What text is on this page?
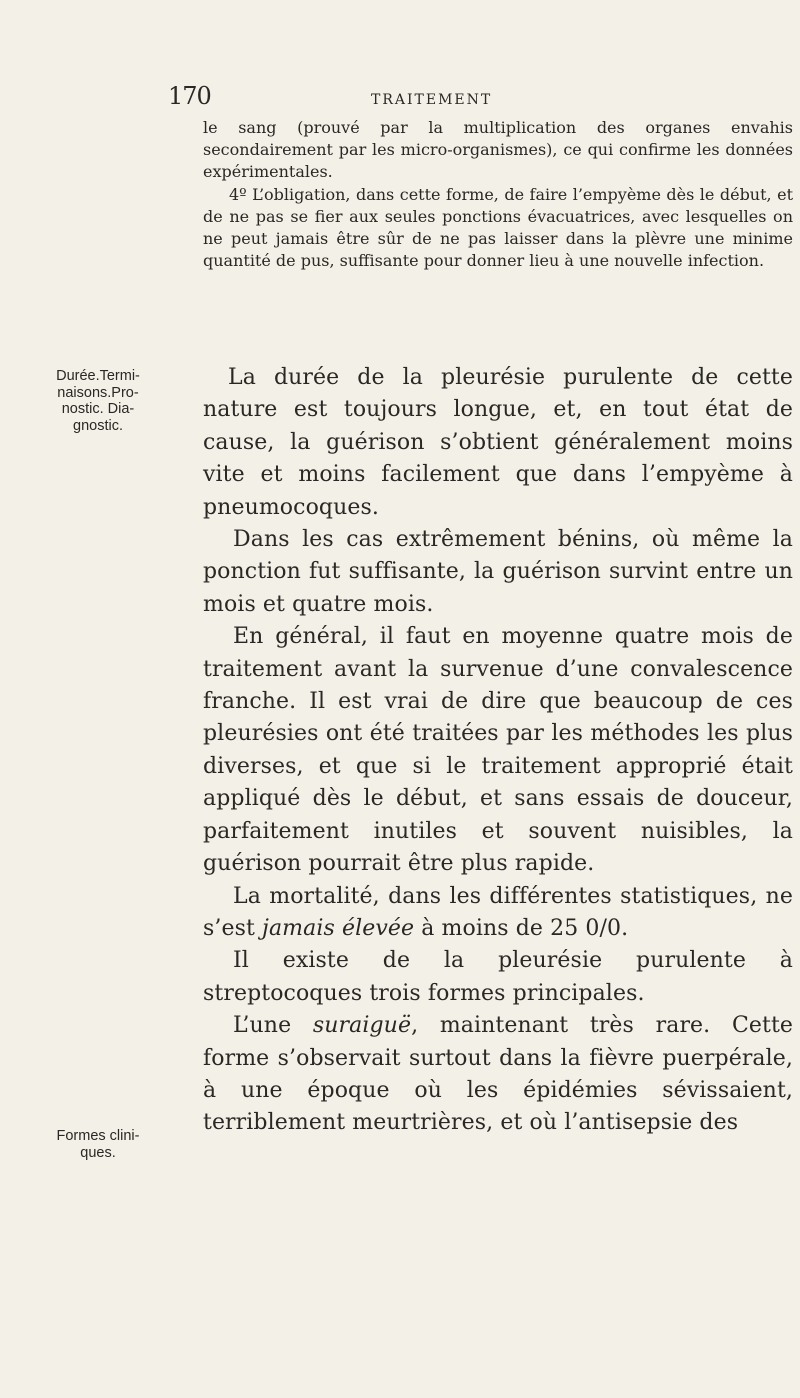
170	TRAITEMENT

le sang (prouvé par la multiplication des organes envahis secondairement par les micro-organismes), ce qui confirme les données expérimentales.

4º L’obligation, dans cette forme, de faire l’empyème dès le début, et de ne pas se fier aux seules ponctions évacuatrices, avec lesquelles on ne peut jamais être sûr de ne pas laisser dans la plèvre une minime quantité de pus, suffisante pour donner lieu à une nouvelle infection.

Durée.Termi-
naisons.Pro-
nostic. Dia-
gnostic.
Formes clini-
ques.

La durée de la pleurésie purulente de cette nature est toujours longue, et, en tout état de cause, la guérison s’obtient généralement moins vite et moins facilement que dans l’empyème à pneumocoques.

Dans les cas extrêmement bénins, où même la ponction fut suffisante, la guérison survint entre un mois et quatre mois.

En général, il faut en moyenne quatre mois de traitement avant la survenue d’une convalescence franche. Il est vrai de dire que beaucoup de ces pleurésies ont été traitées par les méthodes les plus diverses, et que si le traitement approprié était appliqué dès le début, et sans essais de douceur, parfaitement inutiles et souvent nuisibles, la guérison pourrait être plus rapide.

La mortalité, dans les différentes statistiques, ne s’est jamais élevée à moins de 25 0/0.

Il existe de la pleurésie purulente à streptocoques trois formes principales.

L’une suraiguë, maintenant très rare. Cette forme s’observait surtout dans la fièvre puerpérale, à une époque où les épidémies sévissaient, terriblement meurtrières, et où l’antisepsie des
